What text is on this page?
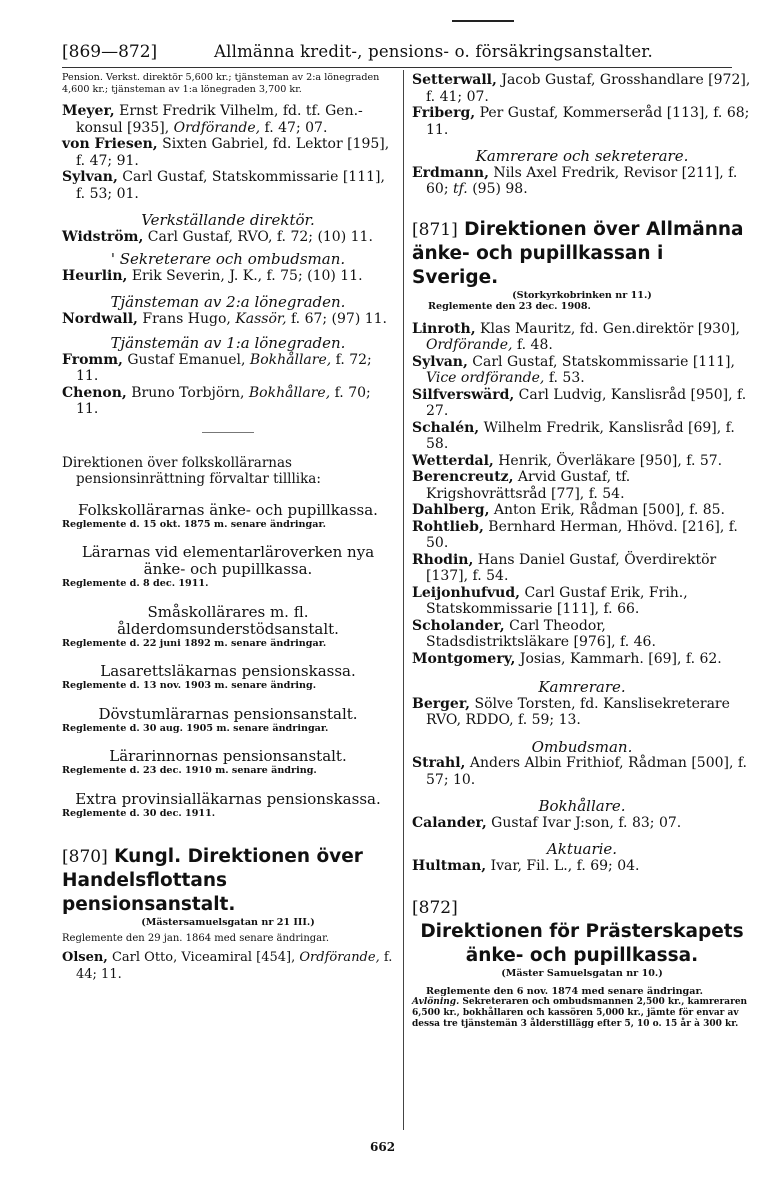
[869—872]	Allmänna kredit-, pensions- o. försäkringsanstalter.

Pension. Verkst. direktör 5,600 kr.; tjänsteman av 2:a lönegraden 4,600 kr.; tjänsteman av 1:a lönegraden 3,700 kr.

Meyer, Ernst Fredrik Vilhelm, fd. tf. Gen.-konsul [935], Ordförande, f. 47; 07.

von Friesen, Sixten Gabriel, fd. Lektor [195], f. 47; 91.

Sylvan, Carl Gustaf, Statskommissarie [111], f. 53; 01.

Verkställande direktör.

Widström, Carl Gustaf, RVO, f. 72; (10) 11.

' Sekreterare och ombudsman.

Heurlin, Erik Severin, J. K., f. 75; (10) 11.

Tjänsteman av 2:a lönegraden.

Nordwall, Frans Hugo, Kassör, f. 67; (97) 11.

Tjänstemän av 1:a lönegraden.

Fromm, Gustaf Emanuel, Bokhållare, f. 72; 11.

Chenon, Bruno Torbjörn, Bokhållare, f. 70; 11.

Direktionen över folkskollärarnas pensionsinrättning förvaltar tilllika:

Folkskollärarnas änke- och pupillkassa.

Reglemente d. 15 okt. 1875 m. senare ändringar.

Lärarnas vid elementarläroverken nya änke- och pupillkassa.

Reglemente d. 8 dec. 1911.

Småskollärares m. fl. ålderdomsunderstödsanstalt.

Reglemente d. 22 juni 1892 m. senare ändringar.

Lasarettsläkarnas pensionskassa.

Reglemente d. 13 nov. 1903 m. senare ändring.

Dövstumlärarnas pensionsanstalt.

Reglemente d. 30 aug. 1905 m. senare ändringar.

Lärarinnornas pensionsanstalt.

Reglemente d. 23 dec. 1910 m. senare ändring.

Extra provinsialläkarnas pensionskassa.

Reglemente d. 30 dec. 1911.

[870] Kungl. Direktionen över
Handelsflottans pensionsanstalt.

(Mästersamuelsgatan nr 21 III.)

Reglemente den 29 jan. 1864 med senare ändringar.

Olsen, Carl Otto, Viceamiral [454], Ordförande, f. 44; 11.

Setterwall, Jacob Gustaf, Grosshandlare [972], f. 41; 07.

Friberg, Per Gustaf, Kommerseråd [113], f. 68; 11.

Kamrerare och sekreterare.

Erdmann, Nils Axel Fredrik, Revisor [211], f. 60; tf. (95) 98.

[871] Direktionen över Allmänna
änke- och pupillkassan i Sverige.

(Storkyrkobrinken nr 11.)

Reglemente den 23 dec. 1908.

Linroth, Klas Mauritz, fd. Gen.direktör [930], Ordförande, f. 48.

Sylvan, Carl Gustaf, Statskommissarie [111], Vice ordförande, f. 53.

Silfverswärd, Carl Ludvig, Kanslisråd [950], f. 27.

Schalén, Wilhelm Fredrik, Kanslisråd [69], f. 58.

Wetterdal, Henrik, Överläkare [950], f. 57.

Berencreutz, Arvid Gustaf, tf. Krigshovrättsråd [77], f. 54.

Dahlberg, Anton Erik, Rådman [500], f. 85.

Rohtlieb, Bernhard Herman, Hhövd. [216], f. 50.

Rhodin, Hans Daniel Gustaf, Överdirektör [137], f. 54.

Leijonhufvud, Carl Gustaf Erik, Frih., Statskommissarie [111], f. 66.

Scholander, Carl Theodor, Stadsdistriktsläkare [976], f. 46.

Montgomery, Josias, Kammarh. [69], f. 62.

Kamrerare.

Berger, Sölve Torsten, fd. Kanslisekreterare RVO, RDDO, f. 59; 13.

Ombudsman.

Strahl, Anders Albin Frithiof, Rådman [500], f. 57; 10.

Bokhållare.

Calander, Gustaf Ivar J:son, f. 83; 07.

Aktuarie.

Hultman, Ivar, Fil. L., f. 69; 04.

[872]
Direktionen för Prästerskapets
änke- och pupillkassa.

(Mäster Samuelsgatan nr 10.)

Reglemente den 6 nov. 1874 med senare ändringar.

Avlöning. Sekreteraren och ombudsmannen 2,500 kr., kamreraren 6,500 kr., bokhållaren och kassören 5,000 kr., jämte för envar av dessa tre tjänstemän 3 ålderstillägg efter 5, 10 o. 15 år à 300 kr.

662
